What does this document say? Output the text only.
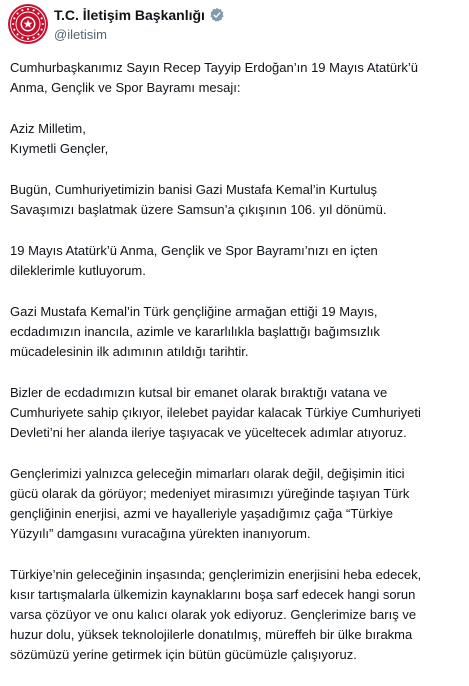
T.C. İletişim Başkanlığı
@iletisim

Cumhurbaşkanımız Sayın Recep Tayyip Erdoğan’ın 19 Mayıs Atatürk’ü
Anma, Gençlik ve Spor Bayramı mesajı:

Aziz Milletim,
Kıymetli Gençler,

Bugün, Cumhuriyetimizin banisi Gazi Mustafa Kemal’in Kurtuluş
Savaşımızı başlatmak üzere Samsun’a çıkışının 106. yıl dönümü.

19 Mayıs Atatürk’ü Anma, Gençlik ve Spor Bayramı’nızı en içten
dileklerimle kutluyorum.

Gazi Mustafa Kemal’in Türk gençliğine armağan ettiği 19 Mayıs,
ecdadımızın inancıla, azimle ve kararlılıkla başlattığı bağımsızlık
mücadelesinin ilk adımının atıldığı tarihtir.

Bizler de ecdadımızın kutsal bir emanet olarak bıraktığı vatana ve
Cumhuriyete sahip çıkıyor, ilelebet payidar kalacak Türkiye Cumhuriyeti
Devleti’ni her alanda ileriye taşıyacak ve yüceltecek adımlar atıyoruz.

Gençlerimizi yalnızca geleceğin mimarları olarak değil, değişimin itici
gücü olarak da görüyor; medeniyet mirasımızı yüreğinde taşıyan Türk
gençliğinin enerjisi, azmi ve hayalleriyle yaşadığımız çağa “Türkiye
Yüzyılı” damgasını vuracağına yürekten inanıyorum.

Türkiye’nin geleceğinin inşasında; gençlerimizin enerjisini heba edecek,
kısır tartışmalarla ülkemizin kaynaklarını boşa sarf edecek hangi sorun
varsa çözüyor ve onu kalıcı olarak yok ediyoruz. Gençlerimize barış ve
huzur dolu, yüksek teknolojilerle donatılmış, müreffeh bir ülke bırakma
sözümüzü yerine getirmek için bütün gücümüzle çalışıyoruz.
